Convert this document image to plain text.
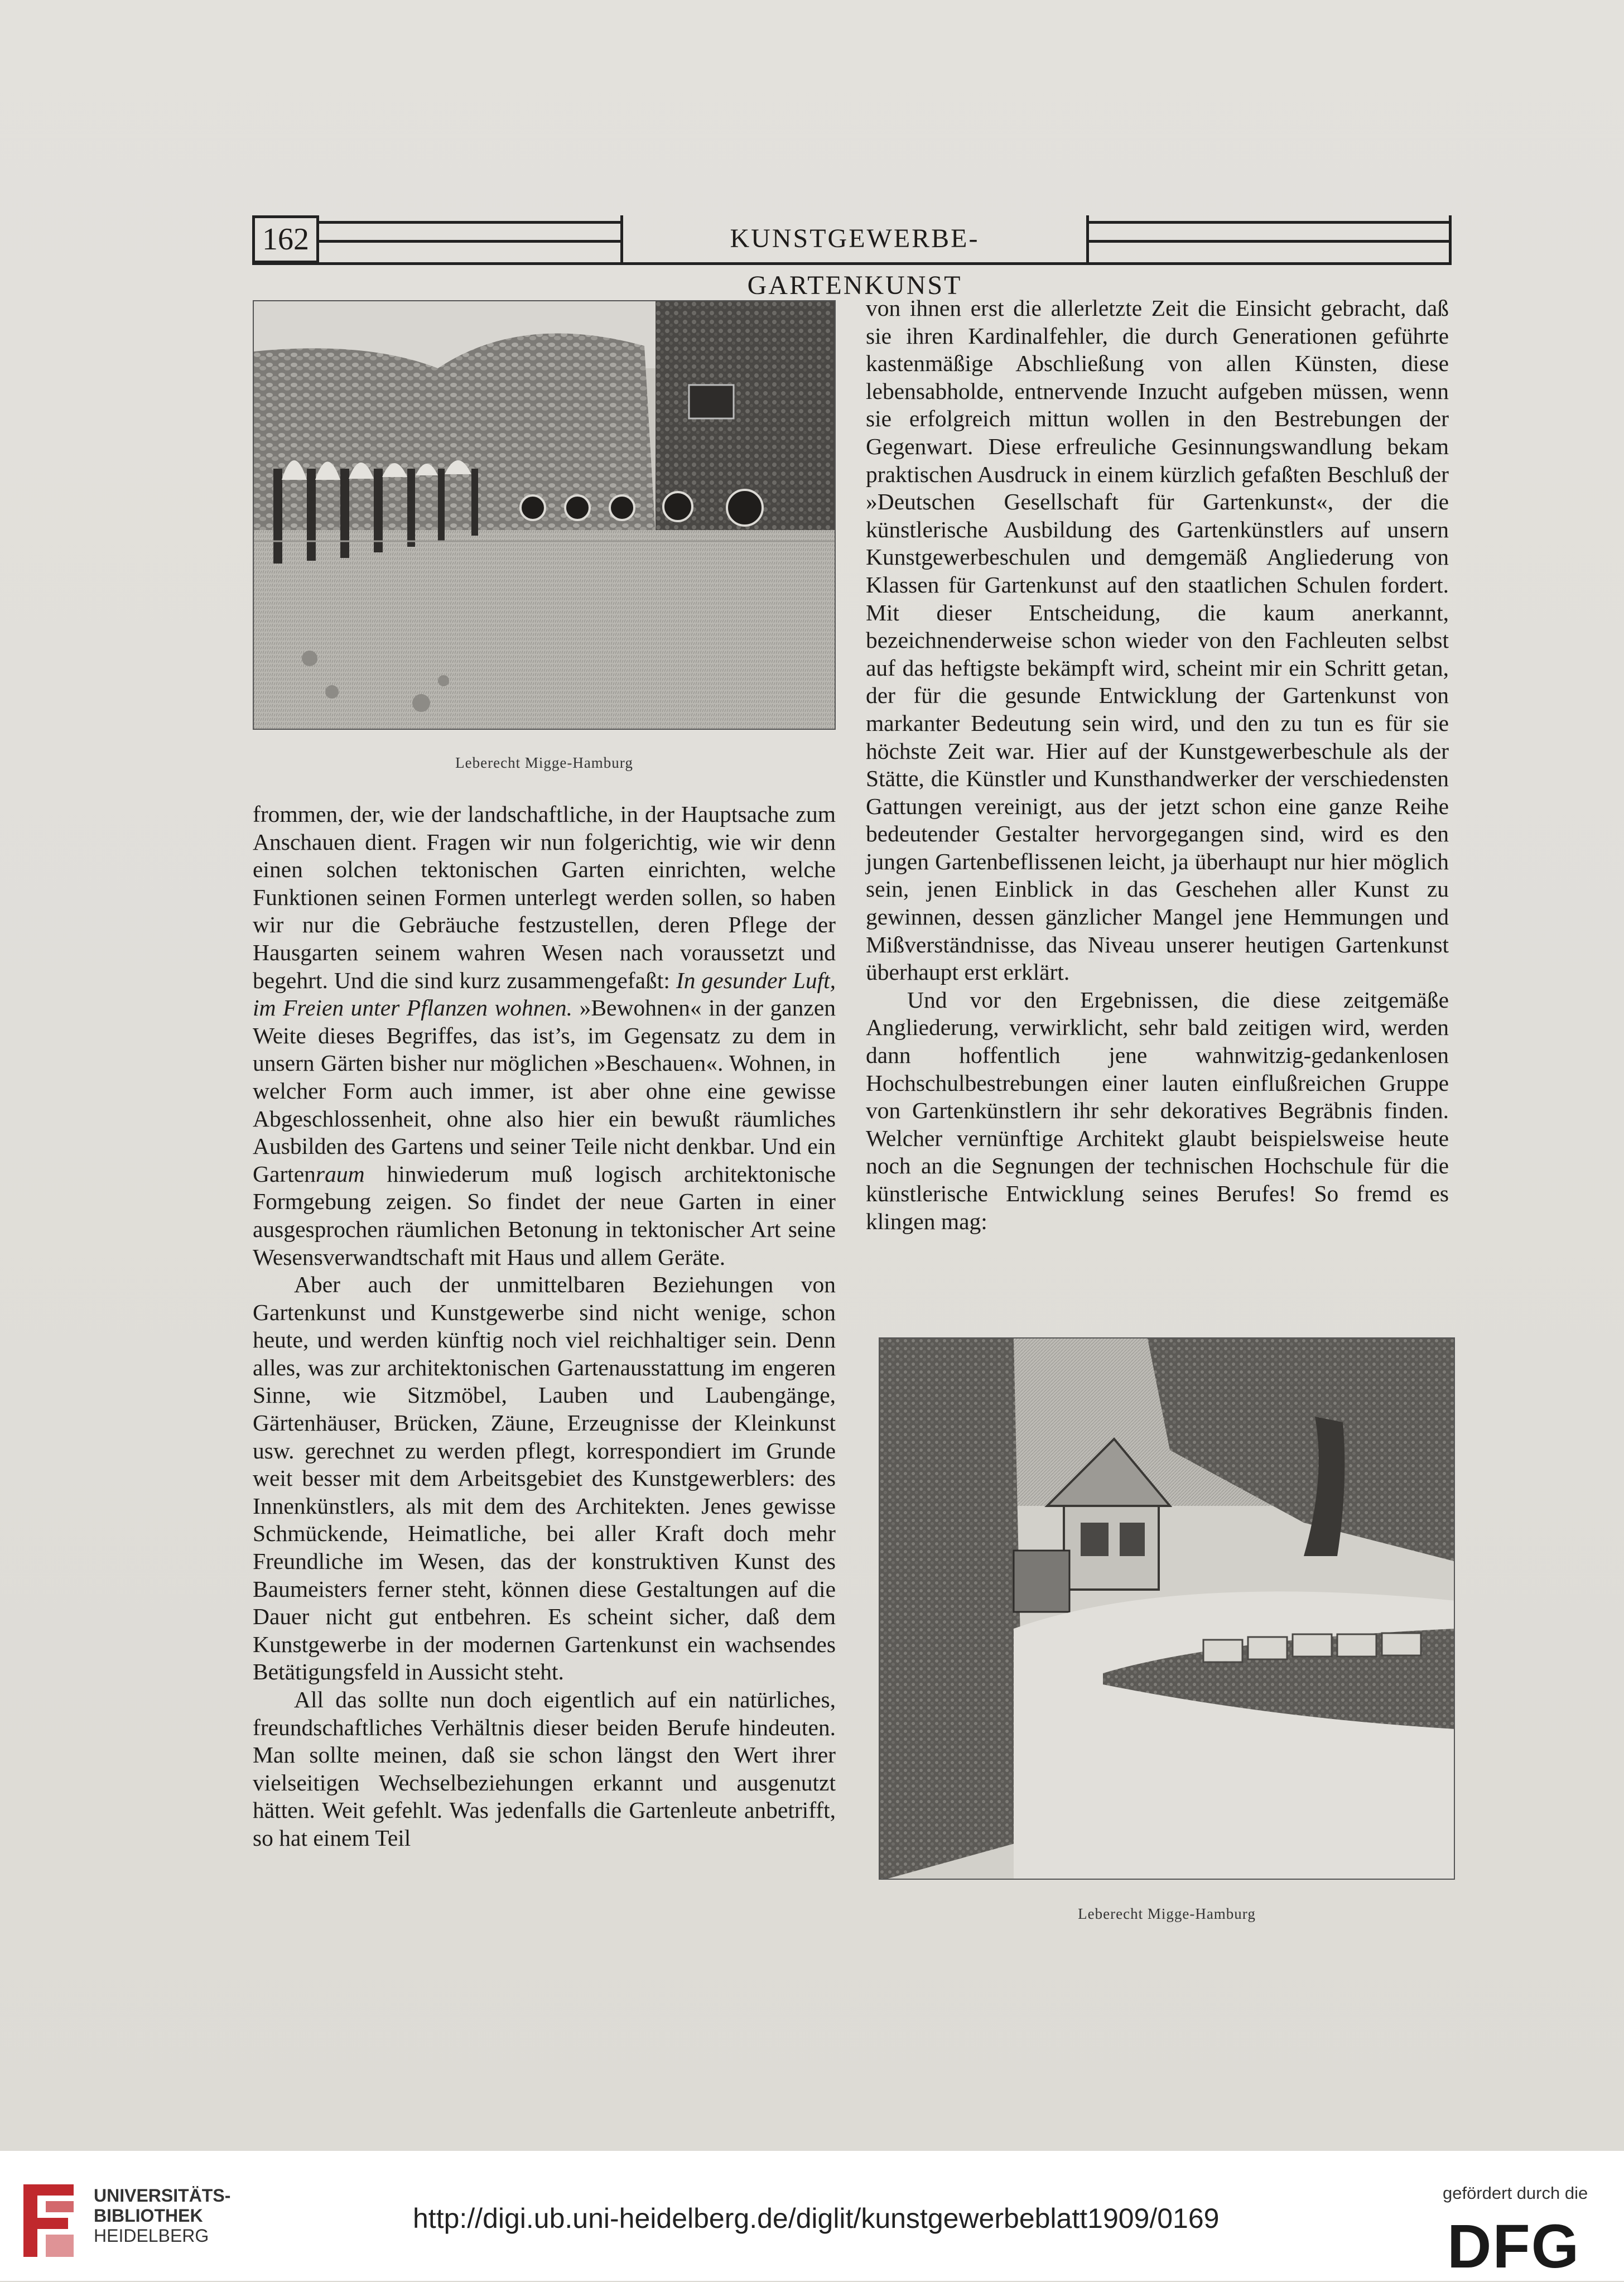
162	KUNSTGEWERBE-GARTENKUNST
Leberecht Migge-Hamburg

frommen, der, wie der landschaftliche, in der Hauptsache zum Anschauen dient. Fragen wir nun folgerichtig, wie wir denn einen solchen tektonischen Garten einrichten, welche Funktionen seinen Formen unterlegt werden sollen, so haben wir nur die Gebräuche festzustellen, deren Pflege der Hausgarten seinem wahren Wesen nach voraussetzt und begehrt. Und die sind kurz zusammengefaßt: In gesunder Luft, im Freien unter Pflanzen wohnen. »Bewohnen« in der ganzen Weite dieses Begriffes, das ist’s, im Gegensatz zu dem in unsern Gärten bisher nur möglichen »Beschauen«. Wohnen, in welcher Form auch immer, ist aber ohne eine gewisse Abgeschlossenheit, ohne also hier ein bewußt räumliches Ausbilden des Gartens und seiner Teile nicht denkbar. Und ein Gartenraum hinwiederum muß logisch architektonische Formgebung zeigen. So findet der neue Garten in einer ausgesprochen räumlichen Betonung in tektonischer Art seine Wesensverwandtschaft mit Haus und allem Geräte.

Aber auch der unmittelbaren Beziehungen von Gartenkunst und Kunstgewerbe sind nicht wenige, schon heute, und werden künftig noch viel reichhaltiger sein. Denn alles, was zur architektonischen Gartenausstattung im engeren Sinne, wie Sitzmöbel, Lauben und Laubengänge, Gärtenhäuser, Brücken, Zäune, Erzeugnisse der Kleinkunst usw. gerechnet zu werden pflegt, korrespondiert im Grunde weit besser mit dem Arbeitsgebiet des Kunstgewerblers: des Innenkünstlers, als mit dem des Architekten. Jenes gewisse Schmückende, Heimatliche, bei aller Kraft doch mehr Freundliche im Wesen, das der konstruktiven Kunst des Baumeisters ferner steht, können diese Gestaltungen auf die Dauer nicht gut entbehren. Es scheint sicher, daß dem Kunstgewerbe in der modernen Gartenkunst ein wachsendes Betätigungsfeld in Aussicht steht.

All das sollte nun doch eigentlich auf ein natürliches, freundschaftliches Verhältnis dieser beiden Berufe hindeuten. Man sollte meinen, daß sie schon längst den Wert ihrer vielseitigen Wechselbeziehungen erkannt und ausgenutzt hätten. Weit gefehlt. Was jedenfalls die Gartenleute anbetrifft, so hat einem Teil

von ihnen erst die allerletzte Zeit die Einsicht gebracht, daß sie ihren Kardinalfehler, die durch Generationen geführte kastenmäßige Abschließung von allen Künsten, diese lebensabholde, entnervende Inzucht aufgeben müssen, wenn sie erfolgreich mittun wollen in den Bestrebungen der Gegenwart. Diese erfreuliche Gesinnungswandlung bekam praktischen Ausdruck in einem kürzlich gefaßten Beschluß der »Deutschen Gesellschaft für Gartenkunst«, der die künstlerische Ausbildung des Gartenkünstlers auf unsern Kunstgewerbeschulen und demgemäß Angliederung von Klassen für Gartenkunst auf den staatlichen Schulen fordert. Mit dieser Entscheidung, die kaum anerkannt, bezeichnenderweise schon wieder von den Fachleuten selbst auf das heftigste bekämpft wird, scheint mir ein Schritt getan, der für die gesunde Entwicklung der Gartenkunst von markanter Bedeutung sein wird, und den zu tun es für sie höchste Zeit war. Hier auf der Kunstgewerbeschule als der Stätte, die Künstler und Kunsthandwerker der verschiedensten Gattungen vereinigt, aus der jetzt schon eine ganze Reihe bedeutender Gestalter hervorgegangen sind, wird es den jungen Gartenbeflissenen leicht, ja überhaupt nur hier möglich sein, jenen Einblick in das Geschehen aller Kunst zu gewinnen, dessen gänzlicher Mangel jene Hemmungen und Mißverständnisse, das Niveau unserer heutigen Gartenkunst überhaupt erst erklärt.

Und vor den Ergebnissen, die diese zeitgemäße Angliederung, verwirklicht, sehr bald zeitigen wird, werden dann hoffentlich jene wahnwitzig-gedankenlosen Hochschulbestrebungen einer lauten einflußreichen Gruppe von Gartenkünstlern ihr sehr dekoratives Begräbnis finden. Welcher vernünftige Architekt glaubt beispielsweise heute noch an die Segnungen der technischen Hochschule für die künstlerische Entwicklung seines Berufes! So fremd es klingen mag:

Leberecht Migge-Hamburg
UNIVERSITÄTS-
BIBLIOTHEK
HEIDELBERG
http://digi.ub.uni-heidelberg.de/diglit/kunstgewerbeblatt1909/0169
gefördert durch die
DFG
